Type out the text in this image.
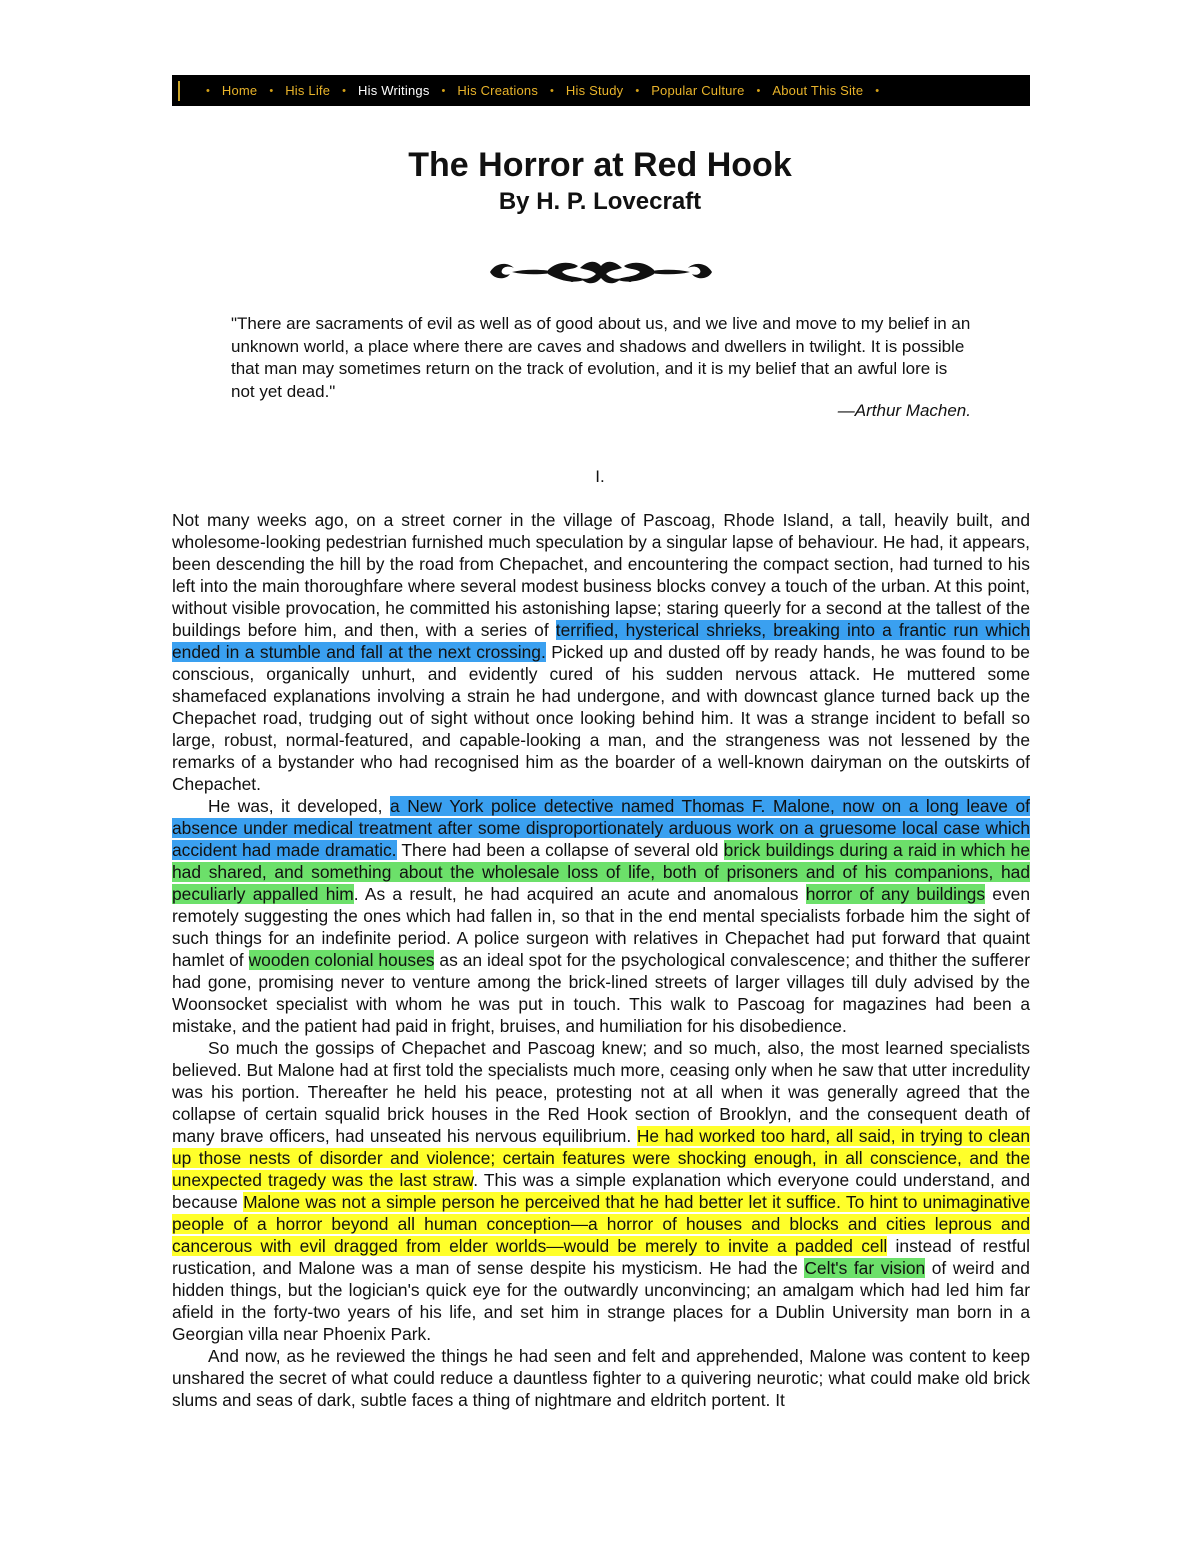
• Home • His Life • His Writings • His Creations • His Study • Popular Culture • About This Site •
The Horror at Red Hook
By H. P. Lovecraft

"There are sacraments of evil as well as of good about us, and we live and move to my belief in an unknown world, a place where there are caves and shadows and dwellers in twilight. It is possible that man may sometimes return on the track of evolution, and it is my belief that an awful lore is not yet dead."

—Arthur Machen.

I.

Not many weeks ago, on a street corner in the village of Pascoag, Rhode Island, a tall, heavily built, and wholesome-looking pedestrian furnished much speculation by a singular lapse of behaviour. He had, it appears, been descending the hill by the road from Chepachet, and encountering the compact section, had turned to his left into the main thoroughfare where several modest business blocks convey a touch of the urban. At this point, without visible provocation, he committed his astonishing lapse; staring queerly for a second at the tallest of the buildings before him, and then, with a series of terrified, hysterical shrieks, breaking into a frantic run which ended in a stumble and fall at the next crossing. Picked up and dusted off by ready hands, he was found to be conscious, organically unhurt, and evidently cured of his sudden nervous attack. He muttered some shamefaced explanations involving a strain he had undergone, and with downcast glance turned back up the Chepachet road, trudging out of sight without once looking behind him. It was a strange incident to befall so large, robust, normal-featured, and capable-looking a man, and the strangeness was not lessened by the remarks of a bystander who had recognised him as the boarder of a well-known dairyman on the outskirts of Chepachet.

He was, it developed, a New York police detective named Thomas F. Malone, now on a long leave of absence under medical treatment after some disproportionately arduous work on a gruesome local case which accident had made dramatic. There had been a collapse of several old brick buildings during a raid in which he had shared, and something about the wholesale loss of life, both of prisoners and of his companions, had peculiarly appalled him. As a result, he had acquired an acute and anomalous horror of any buildings even remotely suggesting the ones which had fallen in, so that in the end mental specialists forbade him the sight of such things for an indefinite period. A police surgeon with relatives in Chepachet had put forward that quaint hamlet of wooden colonial houses as an ideal spot for the psychological convalescence; and thither the sufferer had gone, promising never to venture among the brick-lined streets of larger villages till duly advised by the Woonsocket specialist with whom he was put in touch. This walk to Pascoag for magazines had been a mistake, and the patient had paid in fright, bruises, and humiliation for his disobedience.

So much the gossips of Chepachet and Pascoag knew; and so much, also, the most learned specialists believed. But Malone had at first told the specialists much more, ceasing only when he saw that utter incredulity was his portion. Thereafter he held his peace, protesting not at all when it was generally agreed that the collapse of certain squalid brick houses in the Red Hook section of Brooklyn, and the consequent death of many brave officers, had unseated his nervous equilibrium. He had worked too hard, all said, in trying to clean up those nests of disorder and violence; certain features were shocking enough, in all conscience, and the unexpected tragedy was the last straw. This was a simple explanation which everyone could understand, and because Malone was not a simple person he perceived that he had better let it suffice. To hint to unimaginative people of a horror beyond all human conception—a horror of houses and blocks and cities leprous and cancerous with evil dragged from elder worlds—would be merely to invite a padded cell instead of restful rustication, and Malone was a man of sense despite his mysticism. He had the Celt's far vision of weird and hidden things, but the logician's quick eye for the outwardly unconvincing; an amalgam which had led him far afield in the forty-two years of his life, and set him in strange places for a Dublin University man born in a Georgian villa near Phoenix Park.

And now, as he reviewed the things he had seen and felt and apprehended, Malone was content to keep unshared the secret of what could reduce a dauntless fighter to a quivering neurotic; what could make old brick slums and seas of dark, subtle faces a thing of nightmare and eldritch portent. It
